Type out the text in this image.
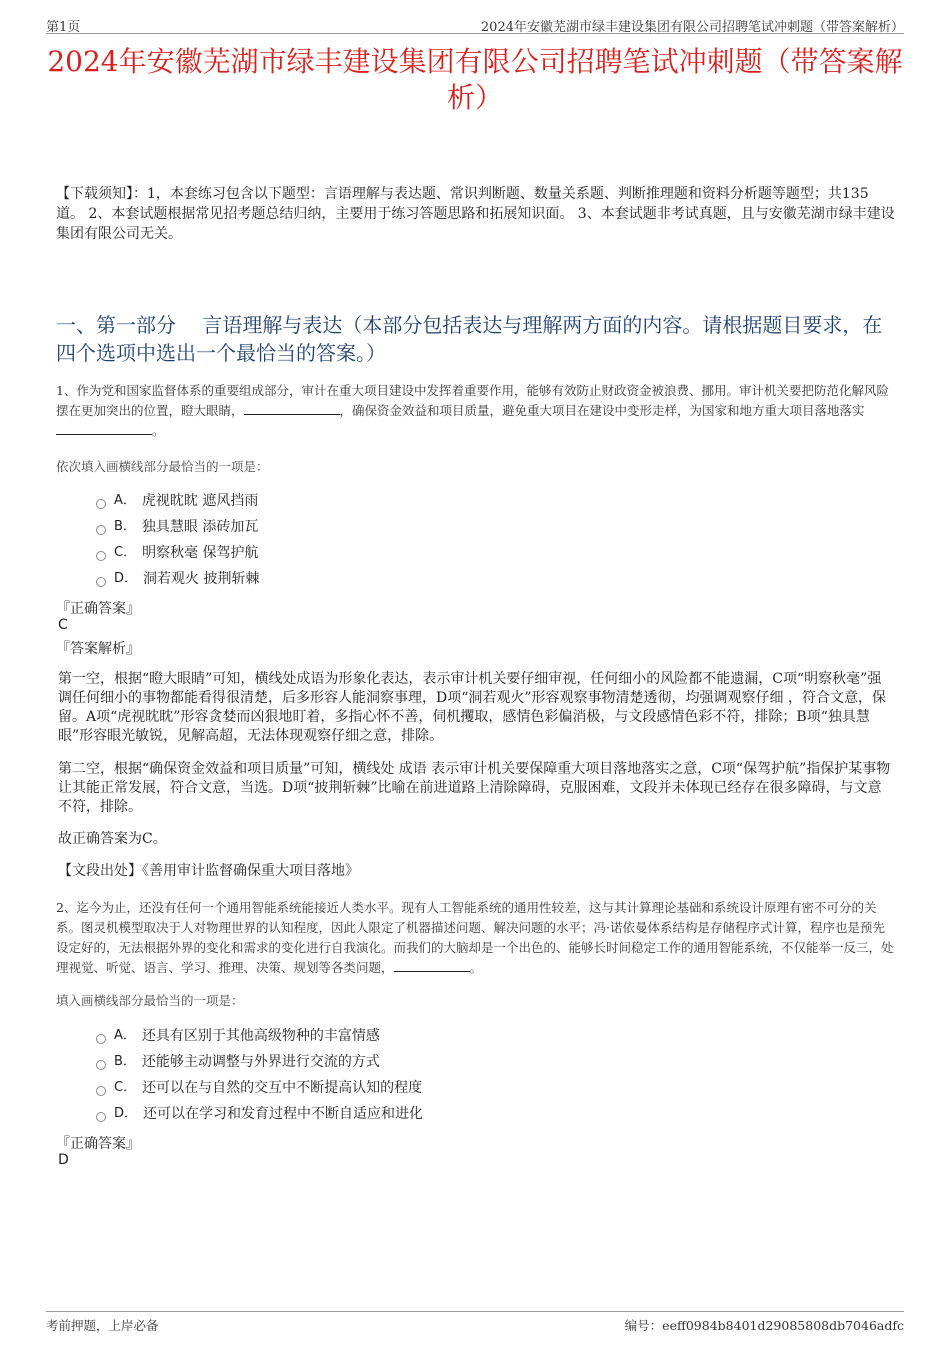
第1页	2024年安徽芜湖市绿丰建设集团有限公司招聘笔试冲刺题（带答案解析）
2024年安徽芜湖市绿丰建设集团有限公司招聘笔试冲刺题（带答案解析）
【下载须知】：1，本套练习包含以下题型：言语理解与表达题、常识判断题、数量关系题、判断推理题和资料分析题等题型；共135道。 2、本套试题根据常见招考题总结归纳，主要用于练习答题思路和拓展知识面。 3、本套试题非考试真题，且与安徽芜湖市绿丰建设集团有限公司无关。
一、第一部分　 言语理解与表达（本部分包括表达与理解两方面的内容。请根据题目要求，在四个选项中选出一个最恰当的答案。）
1、作为党和国家监督体系的重要组成部分，审计在重大项目建设中发挥着重要作用，能够有效防止财政资金被浪费、挪用。审计机关要把防范化解风险摆在更加突出的位置，瞪大眼睛，	，确保资金效益和项目质量，避免重大项目在建设中变形走样，为国家和地方重大项目落地落实。
依次填入画横线部分最恰当的一项是：
A． 虎视眈眈 遮风挡雨
B． 独具慧眼 添砖加瓦
C． 明察秋毫 保驾护航
D． 洞若观火 披荆斩棘
『正确答案』
C
『答案解析』
第一空，根据“瞪大眼睛”可知，横线处成语为形象化表达，表示审计机关要仔细审视，任何细小的风险都不能遗漏，C项“明察秋毫”强调任何细小的事物都能看得很清楚，后多形容人能洞察事理，D项“洞若观火”形容观察事物清楚透彻，均强调观察仔细 ，符合文意，保留。A项“虎视眈眈”形容贪婪而凶狠地盯着，多指心怀不善，伺机攫取，感情色彩偏消极，与文段感情色彩不符，排除；B项“独具慧眼”形容眼光敏锐，见解高超，无法体现观察仔细之意，排除。
第二空，根据“确保资金效益和项目质量”可知，横线处 成语 表示审计机关要保障重大项目落地落实之意，C项“保驾护航”指保护某事物让其能正常发展，符合文意，当选。D项“披荆斩棘”比喻在前进道路上清除障碍，克服困难，文段并未体现已经存在很多障碍，与文意不符，排除。
故正确答案为C。
【文段出处】《善用审计监督确保重大项目落地》
2、迄今为止，还没有任何一个通用智能系统能接近人类水平。现有人工智能系统的通用性较差，这与其计算理论基础和系统设计原理有密不可分的关系。图灵机模型取决于人对物理世界的认知程度，因此人限定了机器描述问题、解决问题的水平；冯·诺依曼体系结构是存储程序式计算，程序也是预先设定好的，无法根据外界的变化和需求的变化进行自我演化。而我们的大脑却是一个出色的、能够长时间稳定工作的通用智能系统，不仅能举一反三，处理视觉、听觉、语言、学习、推理、决策、规划等各类问题，	。
填入画横线部分最恰当的一项是：
A． 还具有区别于其他高级物种的丰富情感
B． 还能够主动调整与外界进行交流的方式
C． 还可以在与自然的交互中不断提高认知的程度
D． 还可以在学习和发育过程中不断自适应和进化
『正确答案』
D
考前押题，上岸必备	编号：eeff0984b8401d29085808db7046adfc
